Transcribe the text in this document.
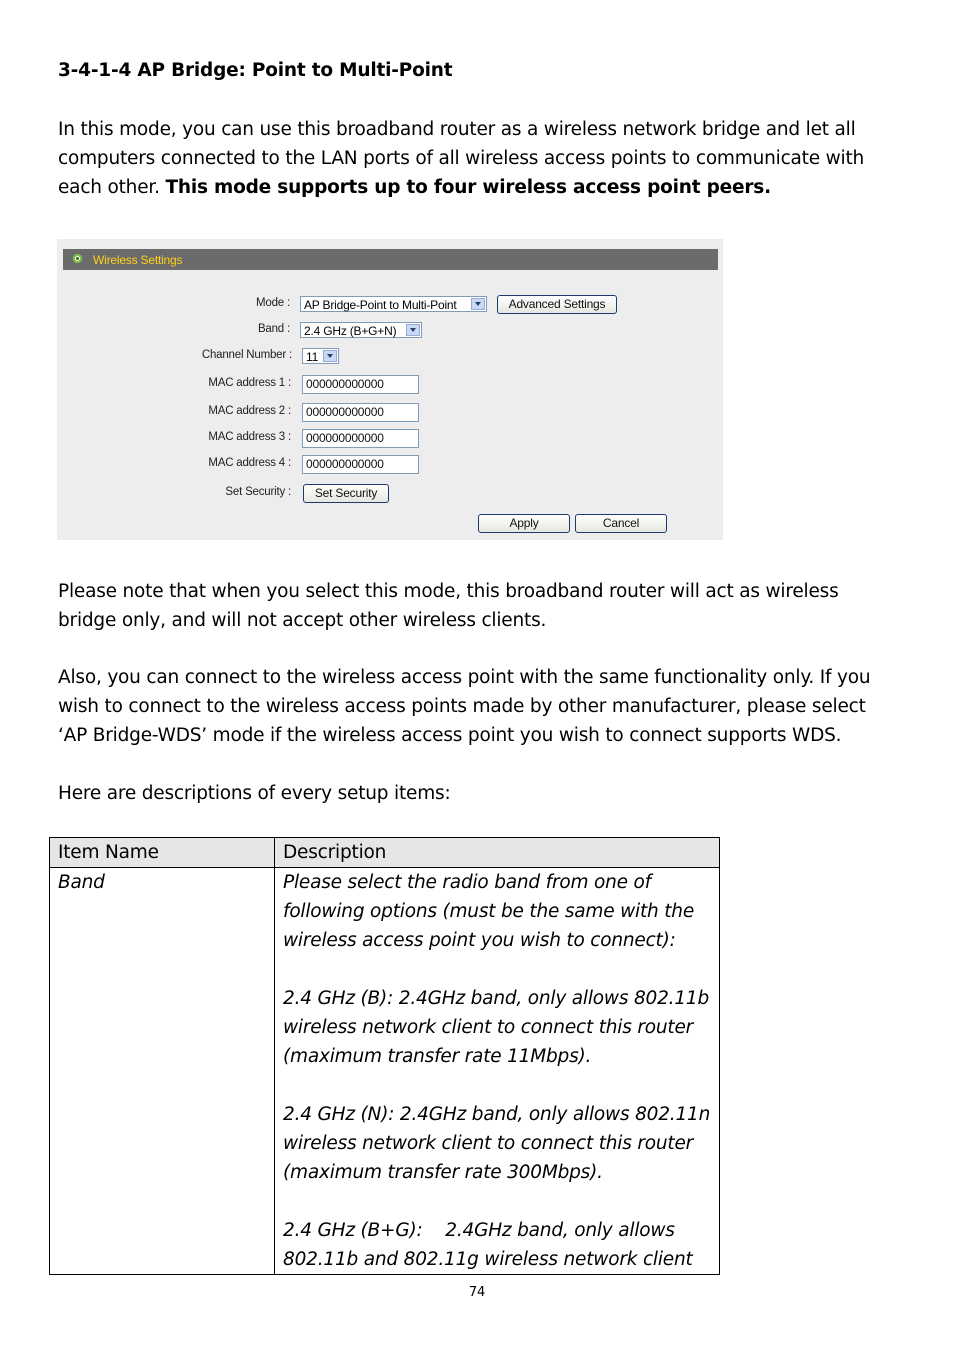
3-4-1-4 AP Bridge: Point to Multi-Point

In this mode, you can use this broadband router as a wireless network bridge and let all computers connected to the LAN ports of all wireless access points to communicate with each other. This mode supports up to four wireless access point peers.

Wireless Settings
Mode :	AP Bridge-Point to Multi-Point	Advanced Settings
Band :	2.4 GHz (B+G+N)
Channel Number :	11
MAC address 1 :	000000000000
MAC address 2 :	000000000000
MAC address 3 :	000000000000
MAC address 4 :	000000000000
Set Security :	Set Security
Apply	Cancel

Please note that when you select this mode, this broadband router will act as wireless bridge only, and will not accept other wireless clients.

Also, you can connect to the wireless access point with the same functionality only. If you wish to connect to the wireless access points made by other manufacturer, please select ‘AP Bridge-WDS’ mode if the wireless access point you wish to connect supports WDS.

Here are descriptions of every setup items:

Item Name	Description
Band	Please select the radio band from one of following options (must be the same with the wireless access point you wish to connect):

2.4 GHz (B): 2.4GHz band, only allows 802.11b wireless network client to connect this router (maximum transfer rate 11Mbps).

2.4 GHz (N): 2.4GHz band, only allows 802.11n wireless network client to connect this router (maximum transfer rate 300Mbps).

2.4 GHz (B+G):    2.4GHz band, only allows 802.11b and 802.11g wireless network client

74
